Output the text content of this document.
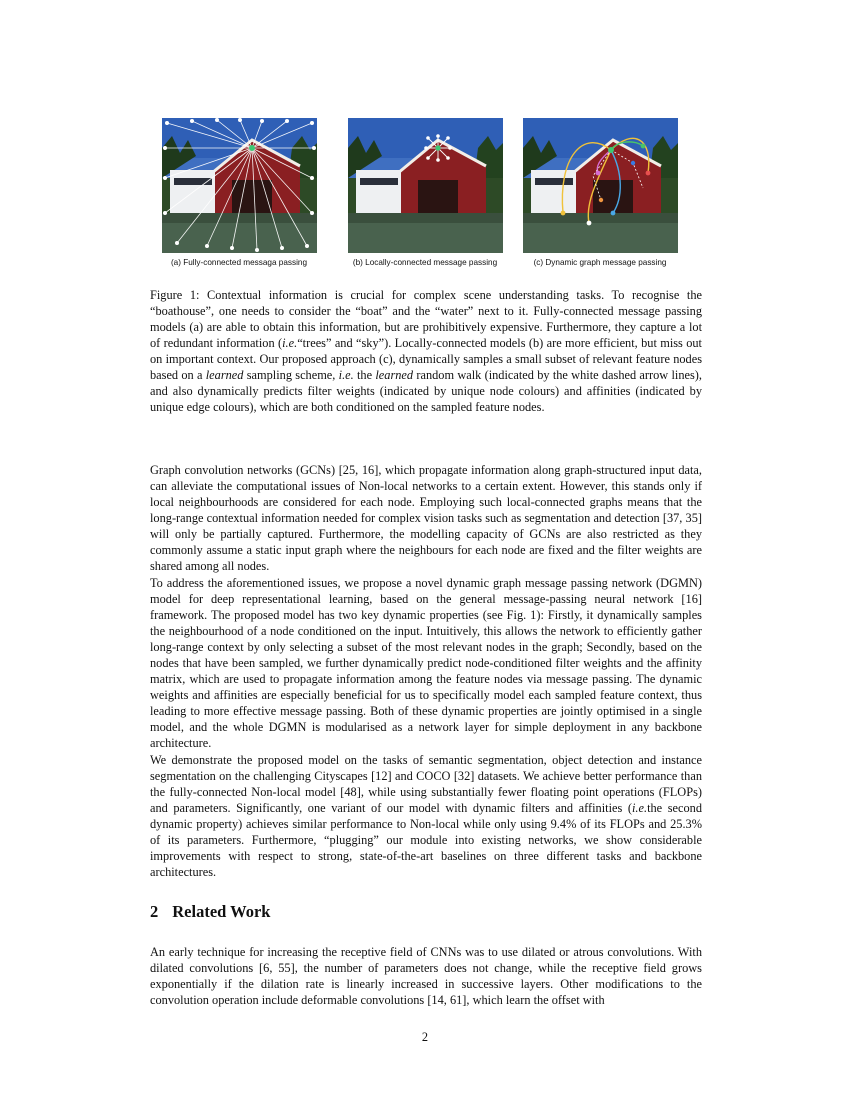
(a) Fully-connected messaga passing	(b) Locally-connected message passing	(c) Dynamic graph message passing
Figure 1: Contextual information is crucial for complex scene understanding tasks. To recognise the “boathouse”, one needs to consider the “boat” and the “water” next to it. Fully-connected message passing models (a) are able to obtain this information, but are prohibitively expensive. Furthermore, they capture a lot of redundant information (i.e.“trees” and “sky”). Locally-connected models (b) are more efficient, but miss out on important context. Our proposed approach (c), dynamically samples a small subset of relevant feature nodes based on a learned sampling scheme, i.e. the learned random walk (indicated by the white dashed arrow lines), and also dynamically predicts filter weights (indicated by unique node colours) and affinities (indicated by unique edge colours), which are both conditioned on the sampled feature nodes.

Graph convolution networks (GCNs) [25, 16], which propagate information along graph-structured input data, can alleviate the computational issues of Non-local networks to a certain extent. However, this stands only if local neighbourhoods are considered for each node. Employing such local-connected graphs means that the long-range contextual information needed for complex vision tasks such as segmentation and detection [37, 35] will only be partially captured. Furthermore, the modelling capacity of GCNs are also restricted as they commonly assume a static input graph where the neighbours for each node are fixed and the filter weights are shared among all nodes.

To address the aforementioned issues, we propose a novel dynamic graph message passing network (DGMN) model for deep representational learning, based on the general message-passing neural network [16] framework. The proposed model has two key dynamic properties (see Fig. 1): Firstly, it dynamically samples the neighbourhood of a node conditioned on the input. Intuitively, this allows the network to efficiently gather long-range context by only selecting a subset of the most relevant nodes in the graph; Secondly, based on the nodes that have been sampled, we further dynamically predict node-conditioned filter weights and the affinity matrix, which are used to propagate information among the feature nodes via message passing. The dynamic weights and affinities are especially beneficial for us to specifically model each sampled feature context, thus leading to more effective message passing. Both of these dynamic properties are jointly optimised in a single model, and the whole DGMN is modularised as a network layer for simple deployment in any backbone architecture.

We demonstrate the proposed model on the tasks of semantic segmentation, object detection and instance segmentation on the challenging Cityscapes [12] and COCO [32] datasets. We achieve better performance than the fully-connected Non-local model [48], while using substantially fewer floating point operations (FLOPs) and parameters. Significantly, one variant of our model with dynamic filters and affinities (i.e.the second dynamic property) achieves similar performance to Non-local while only using 9.4% of its FLOPs and 25.3% of its parameters. Furthermore, “plugging” our module into existing networks, we show considerable improvements with respect to strong, state-of-the-art baselines on three different tasks and backbone architectures.

2 Related Work

An early technique for increasing the receptive field of CNNs was to use dilated or atrous convolutions. With dilated convolutions [6, 55], the number of parameters does not change, while the receptive field grows exponentially if the dilation rate is linearly increased in successive layers. Other modifications to the convolution operation include deformable convolutions [14, 61], which learn the offset with

2
